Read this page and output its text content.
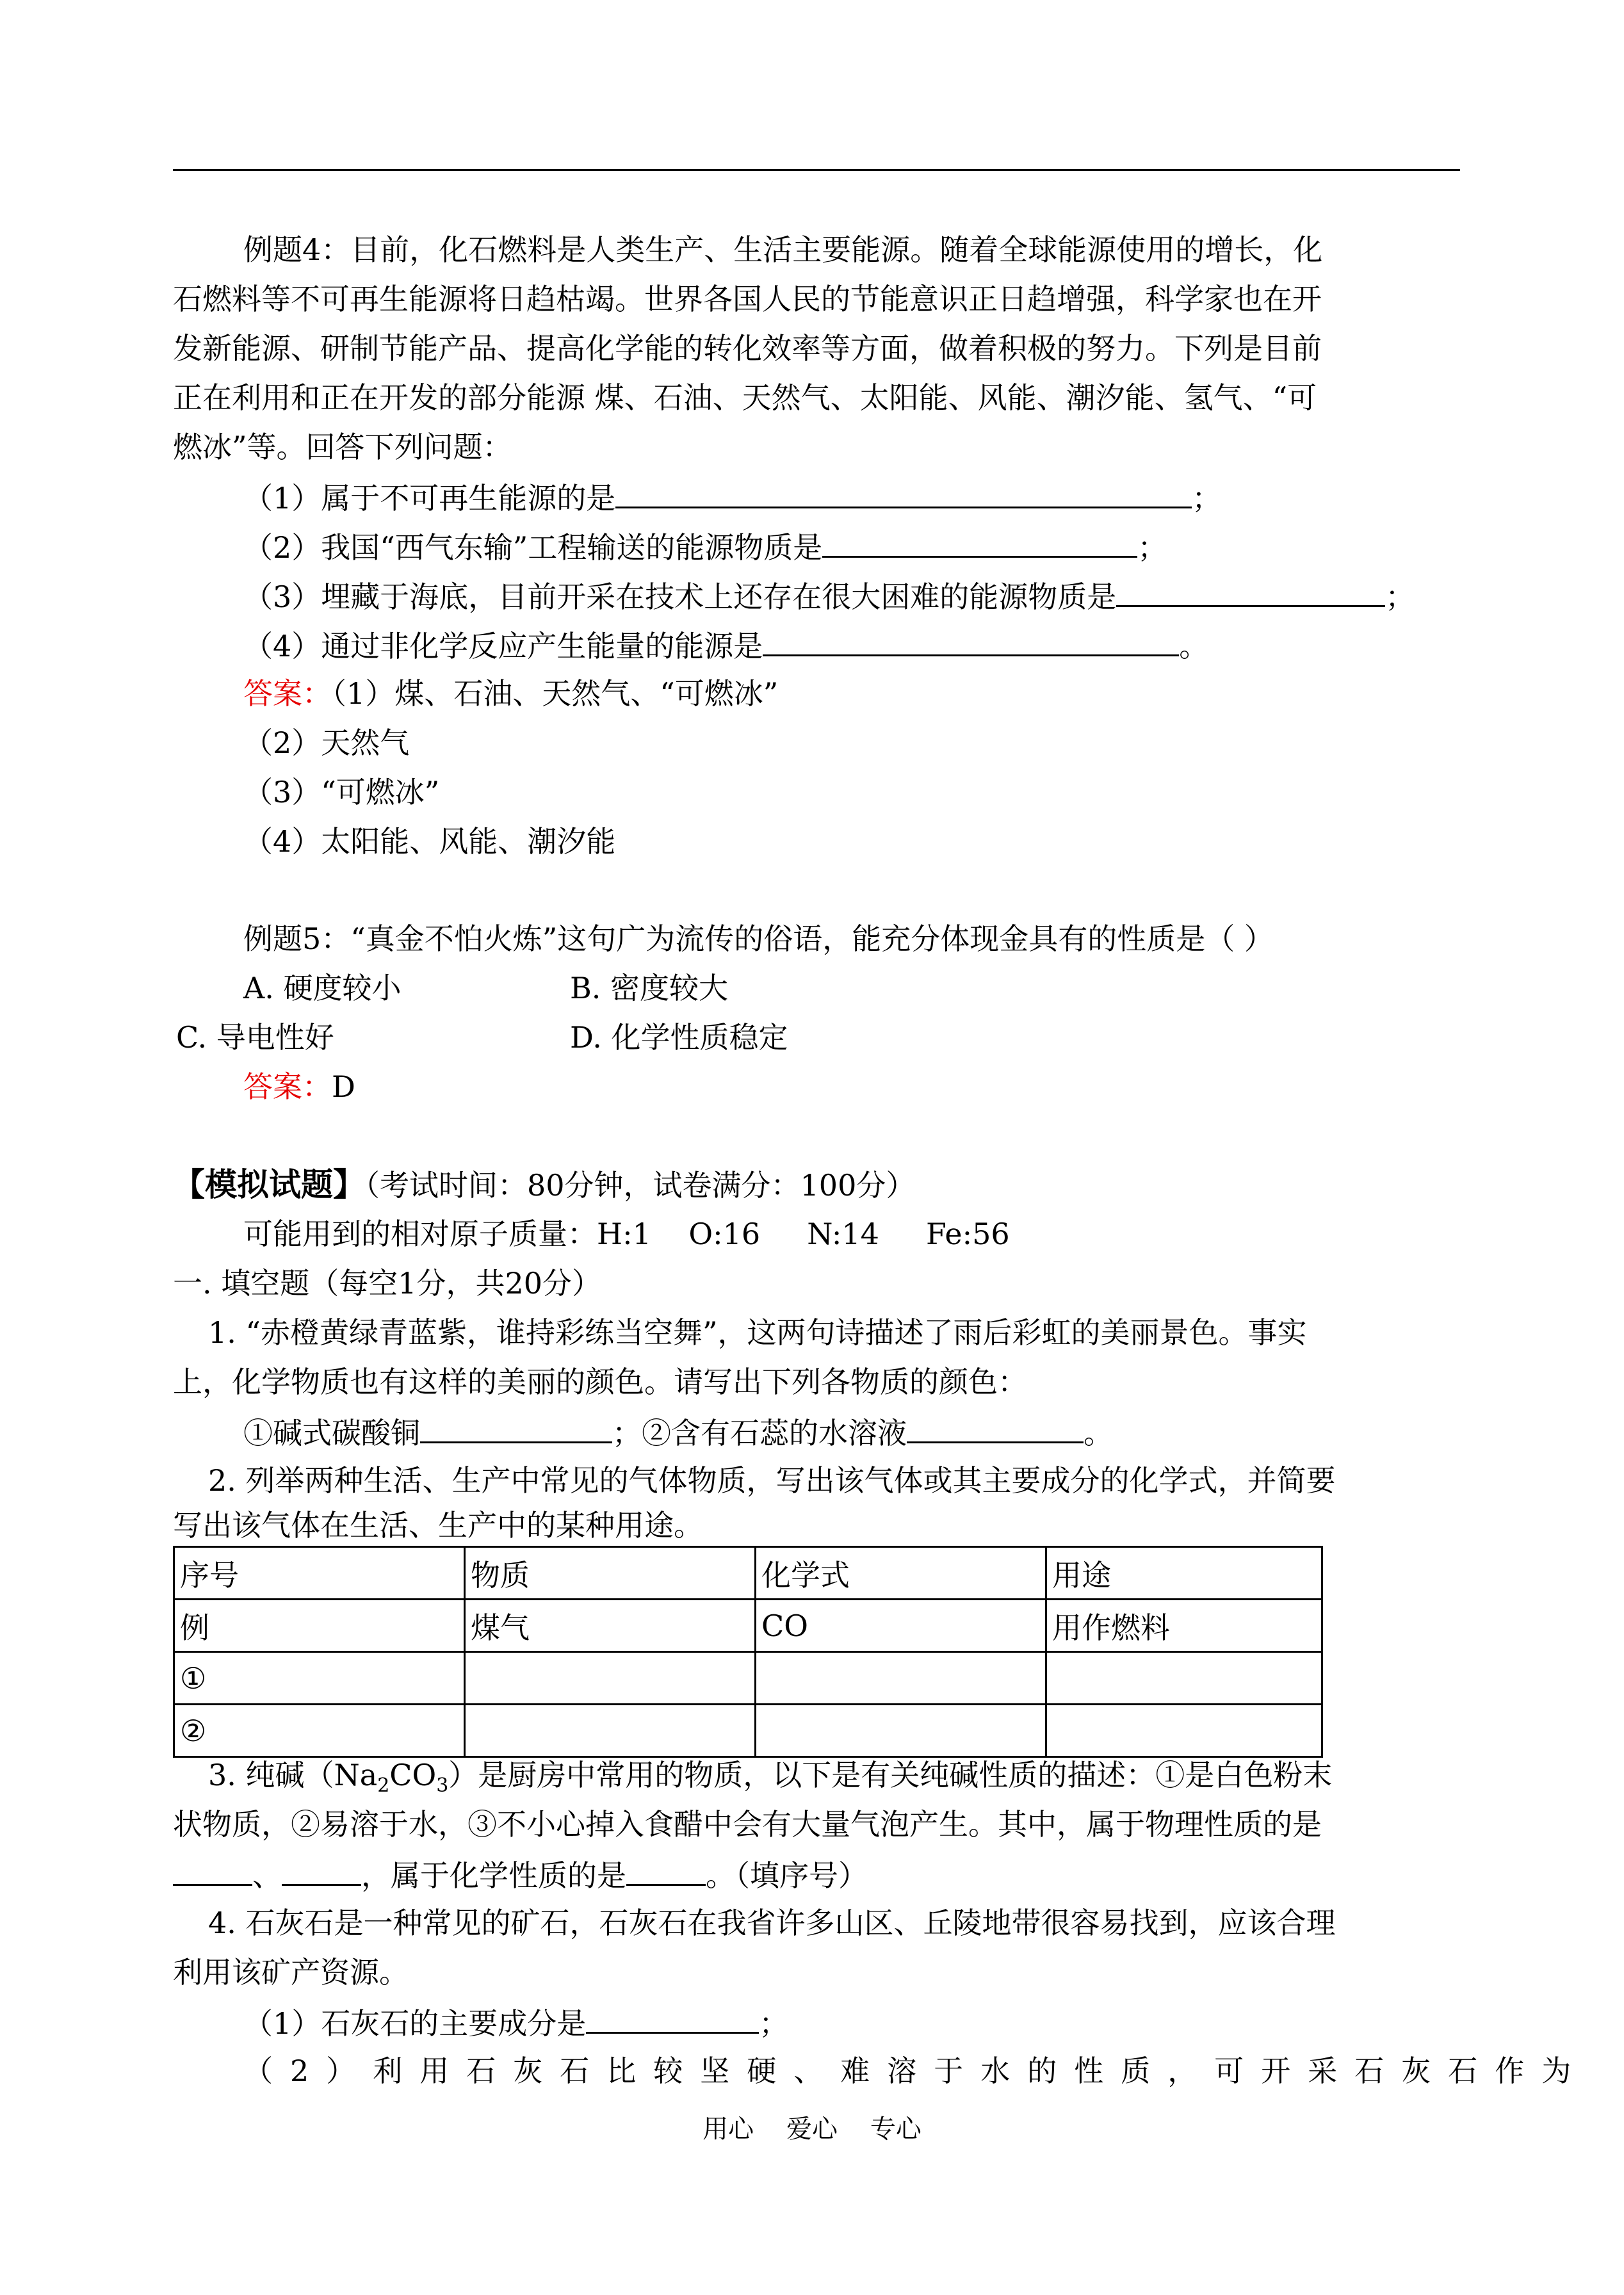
例题4：目前，化石燃料是人类生产、生活主要能源。随着全球能源使用的增长，化
石燃料等不可再生能源将日趋枯竭。世界各国人民的节能意识正日趋增强，科学家也在开
发新能源、研制节能产品、提高化学能的转化效率等方面，做着积极的努力。下列是目前
正在利用和正在开发的部分能源 煤、石油、天然气、太阳能、风能、潮汐能、氢气、“可
燃冰”等。回答下列问题：
（1）属于不可再生能源的是	；
（2）我国“西气东输”工程输送的能源物质是	；
（3）埋藏于海底，目前开采在技术上还存在很大困难的能源物质是	；
（4）通过非化学反应产生能量的能源是	。
答案：（1）煤、石油、天然气、“可燃冰”
（2）天然气
（3）“可燃冰”
（4）太阳能、风能、潮汐能
例题5：“真金不怕火炼”这句广为流传的俗语，能充分体现金具有的性质是（ ）
A. 硬度较小	B. 密度较大
C. 导电性好	D. 化学性质稳定
答案：D
【模拟试题】（考试时间：80分钟，试卷满分：100分）
可能用到的相对原子质量：H:1    O:16     N:14     Fe:56
一. 填空题（每空1分，共20分）
1. “赤橙黄绿青蓝紫，谁持彩练当空舞”，这两句诗描述了雨后彩虹的美丽景色。事实
上，化学物质也有这样的美丽的颜色。请写出下列各物质的颜色：
①碱式碳酸铜	；②含有石蕊的水溶液	。
2. 列举两种生活、生产中常见的气体物质，写出该气体或其主要成分的化学式，并简要
写出该气体在生活、生产中的某种用途。
序号	物质	化学式	用途
例	煤气	CO	用作燃料
①			
②			
3. 纯碱$(Na_2CO_3)$是厨房中常用的物质，以下是有关纯碱性质的描述：①是白色粉末
状物质，②易溶于水，③不小心掉入食醋中会有大量气泡产生。其中，属于物理性质的是
、	，属于化学性质的是	。（填序号）
4. 石灰石是一种常见的矿石，石灰石在我省许多山区、丘陵地带很容易找到，应该合理
利用该矿产资源。
（1）石灰石的主要成分是	；
（2）利用石灰石比较坚硬、难溶于水的性质，可开采石灰石作为
用心    爱心    专心
